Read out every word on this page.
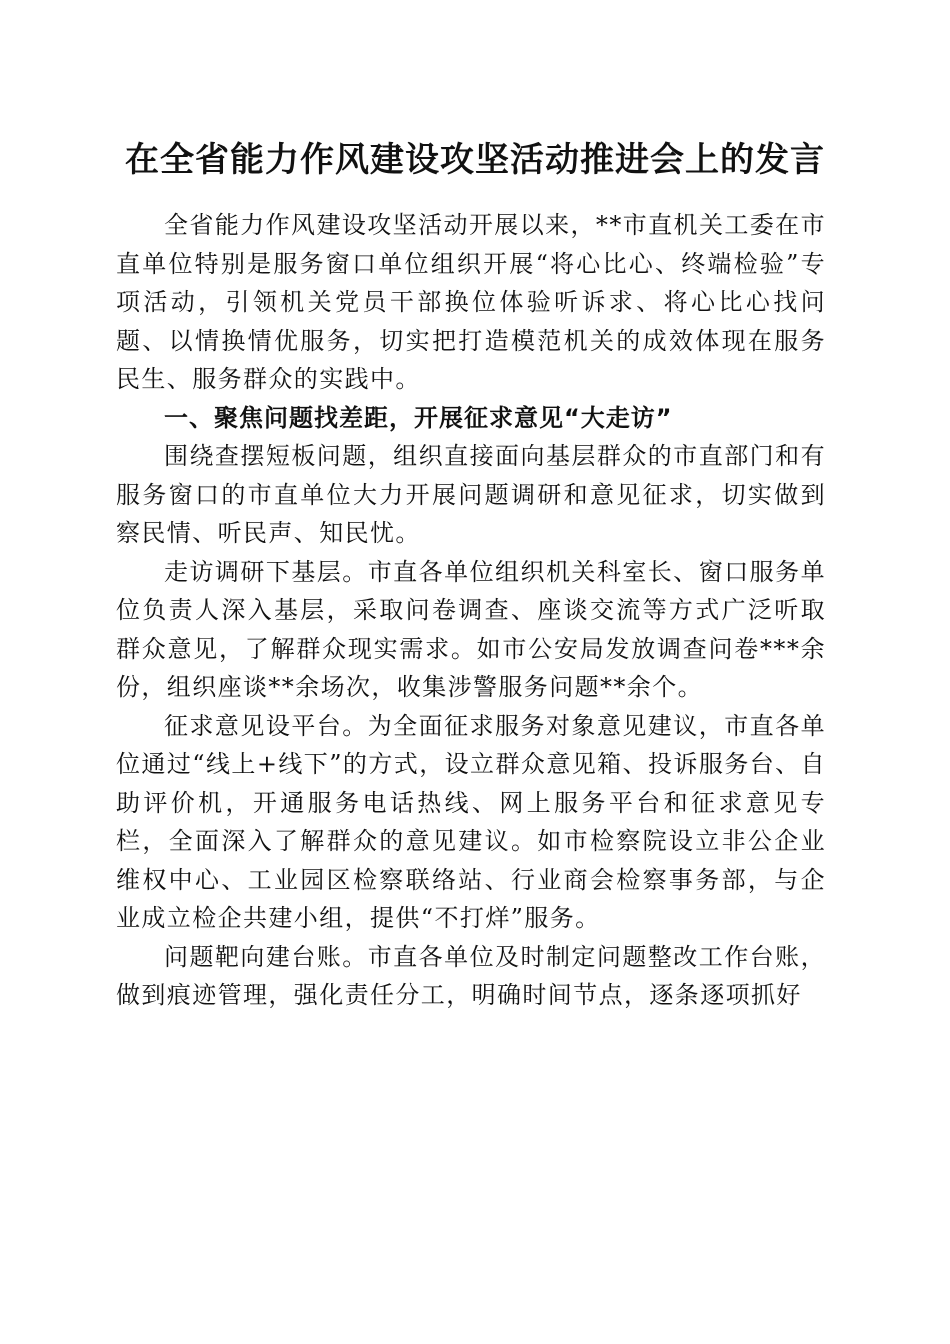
在全省能力作风建设攻坚活动推进会上的发言

全省能力作风建设攻坚活动开展以来，**市直机关工委在市直单位特别是服务窗口单位组织开展“将心比心、终端检验”专项活动，引领机关党员干部换位体验听诉求、将心比心找问题、以情换情优服务，切实把打造模范机关的成效体现在服务民生、服务群众的实践中。

一、聚焦问题找差距，开展征求意见“大走访”

围绕查摆短板问题，组织直接面向基层群众的市直部门和有服务窗口的市直单位大力开展问题调研和意见征求，切实做到察民情、听民声、知民忧。

走访调研下基层。市直各单位组织机关科室长、窗口服务单位负责人深入基层，采取问卷调查、座谈交流等方式广泛听取群众意见，了解群众现实需求。如市公安局发放调查问卷***余份，组织座谈**余场次，收集涉警服务问题**余个。

征求意见设平台。为全面征求服务对象意见建议，市直各单位通过“线上+线下”的方式，设立群众意见箱、投诉服务台、自助评价机，开通服务电话热线、网上服务平台和征求意见专栏，全面深入了解群众的意见建议。如市检察院设立非公企业维权中心、工业园区检察联络站、行业商会检察事务部，与企业成立检企共建小组，提供“不打烊”服务。

问题靶向建台账。市直各单位及时制定问题整改工作台账，做到痕迹管理，强化责任分工，明确时间节点，逐条逐项抓好
